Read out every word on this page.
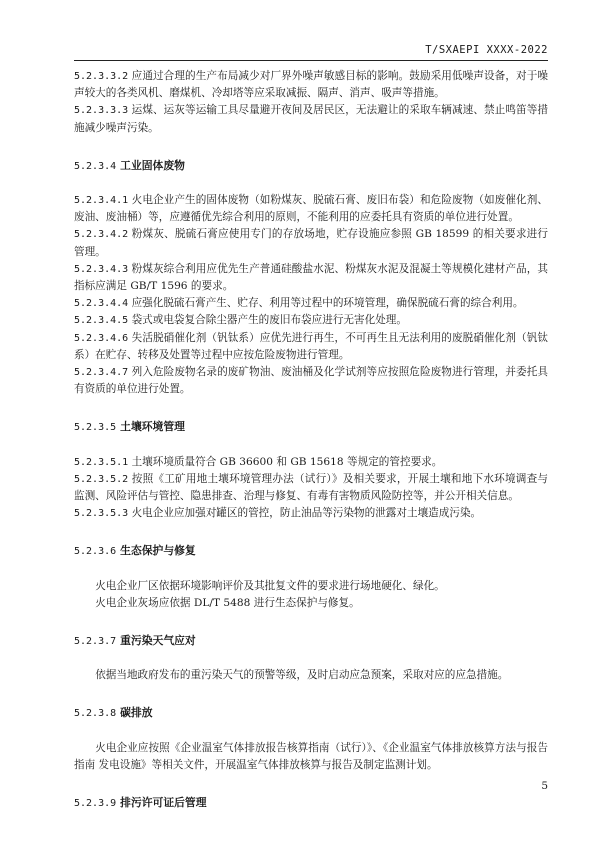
T/SXAEPI XXXX-2022

5.2.3.3.2 应通过合理的生产布局减少对厂界外噪声敏感目标的影响。鼓励采用低噪声设备，对于噪声较大的各类风机、磨煤机、冷却塔等应采取减振、隔声、消声、吸声等措施。

5.2.3.3.3 运煤、运灰等运输工具尽量避开夜间及居民区，无法避让的采取车辆减速、禁止鸣笛等措施减少噪声污染。

5.2.3.4 工业固体废物

5.2.3.4.1 火电企业产生的固体废物（如粉煤灰、脱硫石膏、废旧布袋）和危险废物（如废催化剂、废油、废油桶）等，应遵循优先综合利用的原则，不能利用的应委托具有资质的单位进行处置。

5.2.3.4.2 粉煤灰、脱硫石膏应使用专门的存放场地，贮存设施应参照 GB 18599 的相关要求进行管理。

5.2.3.4.3 粉煤灰综合利用应优先生产普通硅酸盐水泥、粉煤灰水泥及混凝土等规模化建材产品，其指标应满足 GB/T 1596 的要求。

5.2.3.4.4 应强化脱硫石膏产生、贮存、利用等过程中的环境管理，确保脱硫石膏的综合利用。

5.2.3.4.5 袋式或电袋复合除尘器产生的废旧布袋应进行无害化处理。

5.2.3.4.6 失活脱硝催化剂（钒钛系）应优先进行再生，不可再生且无法利用的废脱硝催化剂（钒钛系）在贮存、转移及处置等过程中应按危险废物进行管理。

5.2.3.4.7 列入危险废物名录的废矿物油、废油桶及化学试剂等应按照危险废物进行管理，并委托具有资质的单位进行处置。

5.2.3.5 土壤环境管理

5.2.3.5.1 土壤环境质量符合 GB 36600 和 GB 15618 等规定的管控要求。

5.2.3.5.2 按照《工矿用地土壤环境管理办法（试行）》及相关要求，开展土壤和地下水环境调查与监测、风险评估与管控、隐患排查、治理与修复、有毒有害物质风险防控等，并公开相关信息。

5.2.3.5.3 火电企业应加强对罐区的管控，防止油品等污染物的泄露对土壤造成污染。

5.2.3.6 生态保护与修复

火电企业厂区依据环境影响评价及其批复文件的要求进行场地硬化、绿化。

火电企业灰场应依据 DL/T 5488 进行生态保护与修复。

5.2.3.7 重污染天气应对

依据当地政府发布的重污染天气的预警等级，及时启动应急预案，采取对应的应急措施。

5.2.3.8 碳排放

火电企业应按照《企业温室气体排放报告核算指南（试行）》、《企业温室气体排放核算方法与报告指南 发电设施》等相关文件，开展温室气体排放核算与报告及制定监测计划。

5.2.3.9 排污许可证后管理
5
